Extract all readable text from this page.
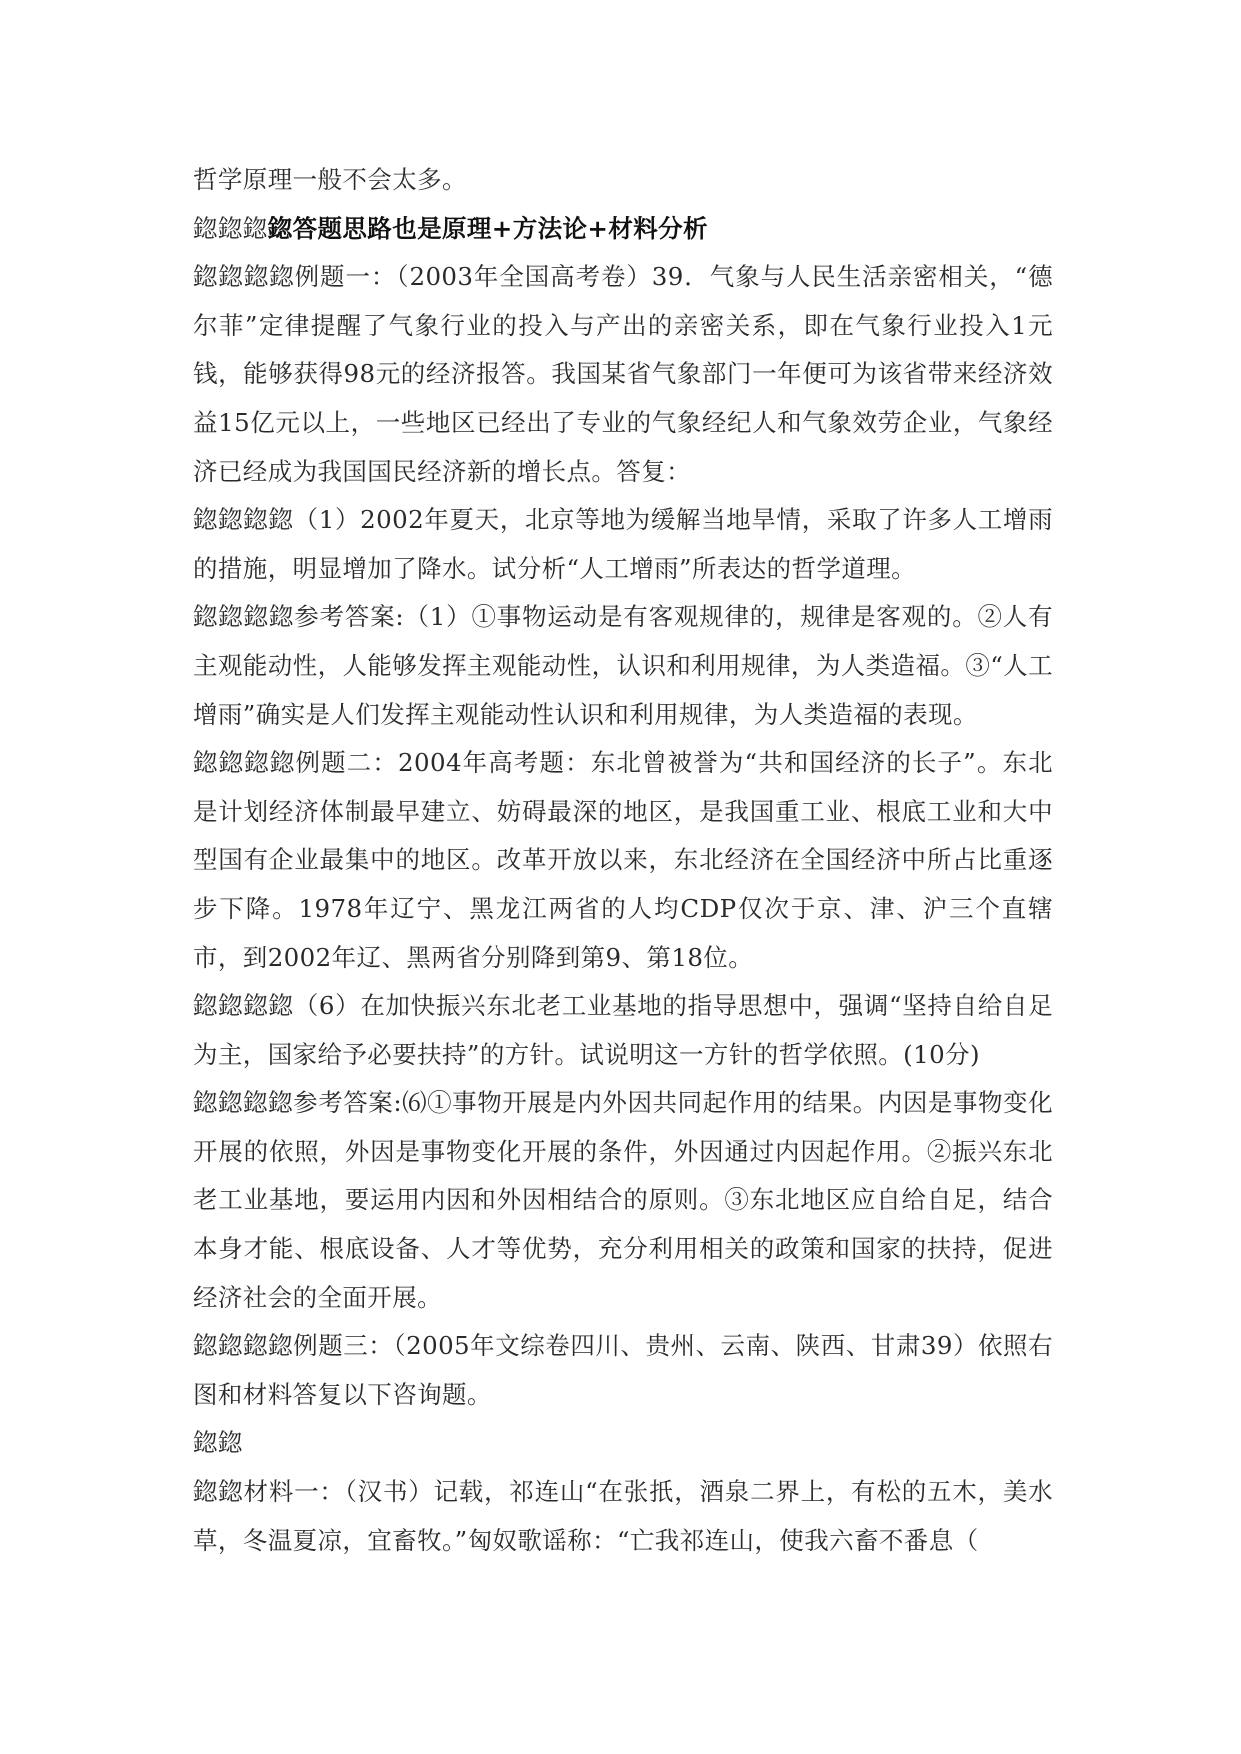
哲学原理一般不会太多。

鍃鍃鍃鍃答题思路也是原理+方法论+材料分析

鍃鍃鍃鍃例题一：（2003年全国高考卷）39．气象与人民生活亲密相关，“德尔菲”定律提醒了气象行业的投入与产出的亲密关系，即在气象行业投入1元钱，能够获得98元的经济报答。我国某省气象部门一年便可为该省带来经济效益15亿元以上，一些地区已经出了专业的气象经纪人和气象效劳企业，气象经济已经成为我国国民经济新的增长点。答复：

鍃鍃鍃鍃（1）2002年夏天，北京等地为缓解当地旱情，采取了许多人工增雨的措施，明显增加了降水。试分析“人工增雨”所表达的哲学道理。

鍃鍃鍃鍃参考答案:（1）①事物运动是有客观规律的，规律是客观的。②人有主观能动性，人能够发挥主观能动性，认识和利用规律，为人类造福。③“人工增雨”确实是人们发挥主观能动性认识和利用规律，为人类造福的表现。

鍃鍃鍃鍃例题二：2004年高考题：东北曾被誉为“共和国经济的长子”。东北是计划经济体制最早建立、妨碍最深的地区，是我国重工业、根底工业和大中型国有企业最集中的地区。改革开放以来，东北经济在全国经济中所占比重逐步下降。1978年辽宁、黑龙江两省的人均CDP仅次于京、津、沪三个直辖市，到2002年辽、黑两省分别降到第9、第18位。

鍃鍃鍃鍃（6）在加快振兴东北老工业基地的指导思想中，强调“坚持自给自足为主，国家给予必要扶持”的方针。试说明这一方针的哲学依照。(10分)

鍃鍃鍃鍃参考答案:⑹①事物开展是内外因共同起作用的结果。内因是事物变化开展的依照，外因是事物变化开展的条件，外因通过内因起作用。②振兴东北老工业基地，要运用内因和外因相结合的原则。③东北地区应自给自足，结合本身才能、根底设备、人才等优势，充分利用相关的政策和国家的扶持，促进经济社会的全面开展。

鍃鍃鍃鍃例题三：（2005年文综卷四川、贵州、云南、陕西、甘肃39）依照右图和材料答复以下咨询题。

鍃鍃

鍃鍃材料一：（汉书）记载，祁连山“在张扺，酒泉二界上，有松的五木，美水草，冬温夏凉，宜畜牧。”匈奴歌谣称：“亡我祁连山，使我六畜不番息（
